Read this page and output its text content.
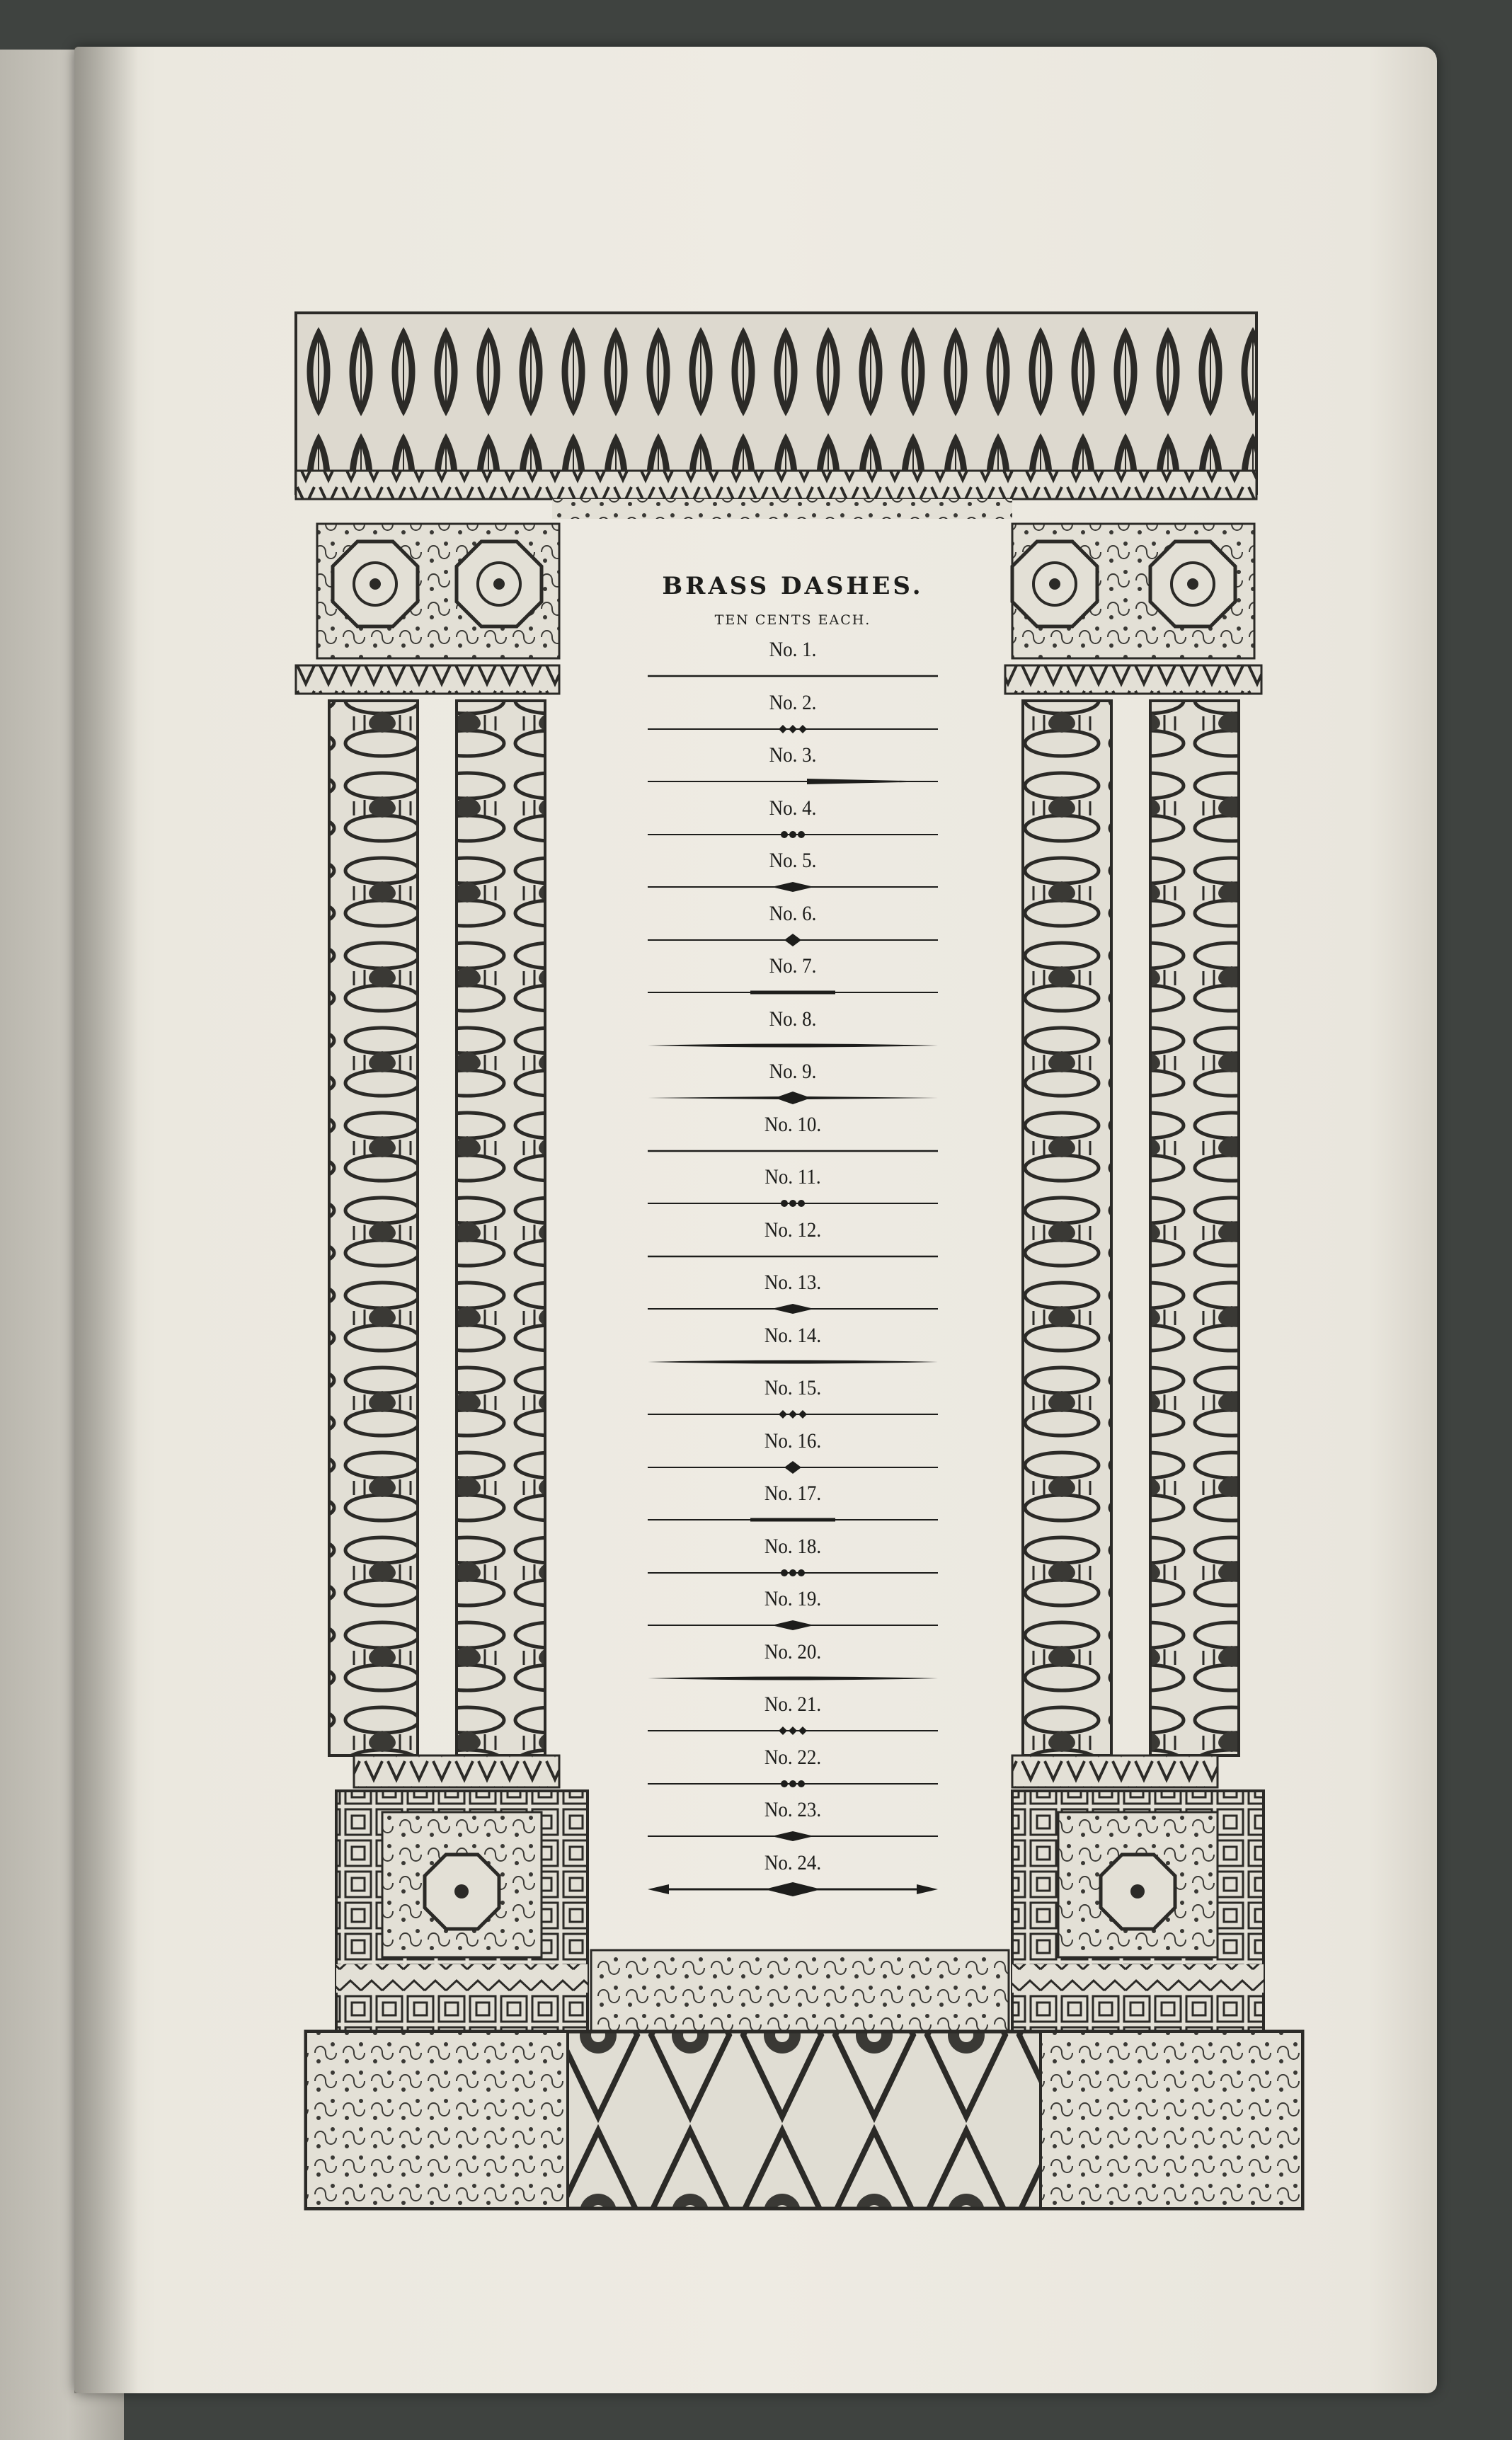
BRASS DASHES.
TEN CENTS EACH.
No. 1.
No. 2.
No. 3.
No. 4.
No. 5.
No. 6.
No. 7.
No. 8.
No. 9.
No. 10.
No. 11.
No. 12.
No. 13.
No. 14.
No. 15.
No. 16.
No. 17.
No. 18.
No. 19.
No. 20.
No. 21.
No. 22.
No. 23.
No. 24.
